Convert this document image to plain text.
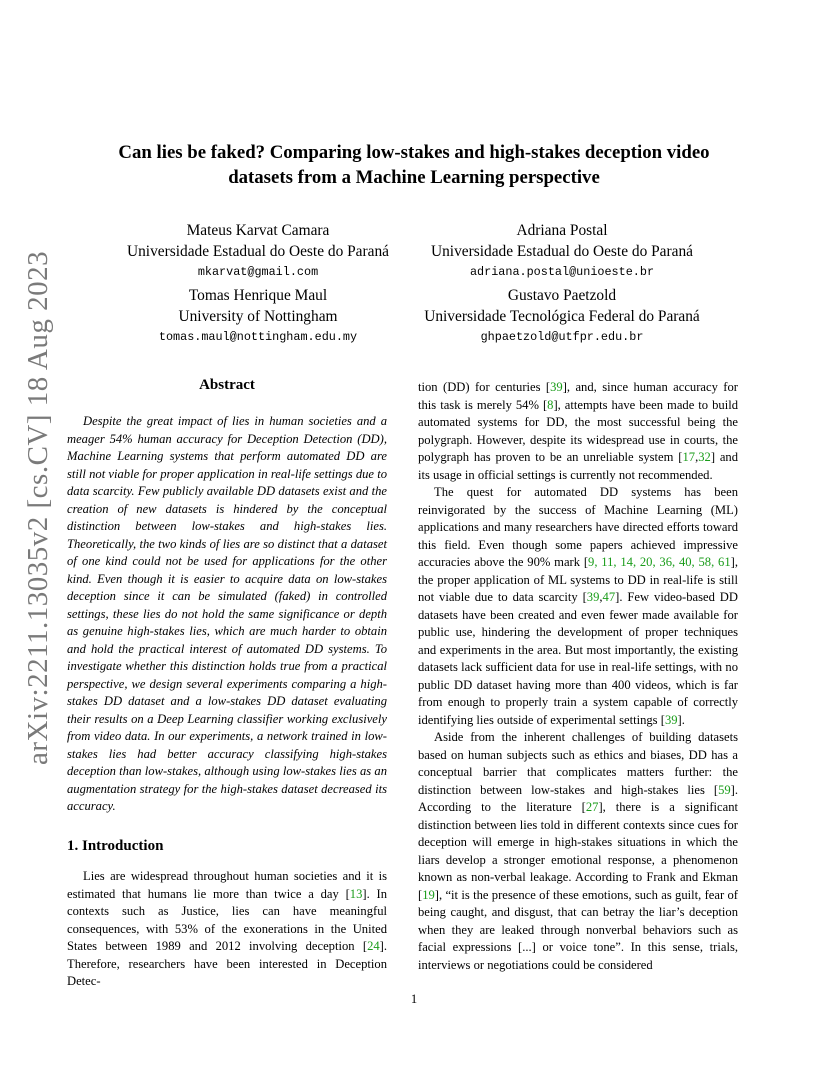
arXiv:2211.13035v2 [cs.CV] 18 Aug 2023
Can lies be faked? Comparing low-stakes and high-stakes deception video
datasets from a Machine Learning perspective
Mateus Karvat Camara
Universidade Estadual do Oeste do Paraná
mkarvat@gmail.com
Tomas Henrique Maul
University of Nottingham
tomas.maul@nottingham.edu.my
Adriana Postal
Universidade Estadual do Oeste do Paraná
adriana.postal@unioeste.br
Gustavo Paetzold
Universidade Tecnológica Federal do Paraná
ghpaetzold@utfpr.edu.br
Abstract

Despite the great impact of lies in human societies and a meager 54% human accuracy for Deception Detection (DD), Machine Learning systems that perform automated DD are still not viable for proper application in real-life settings due to data scarcity. Few publicly available DD datasets exist and the creation of new datasets is hindered by the conceptual distinction between low-stakes and high-stakes lies. Theoretically, the two kinds of lies are so distinct that a dataset of one kind could not be used for applications for the other kind. Even though it is easier to acquire data on low-stakes deception since it can be simulated (faked) in controlled settings, these lies do not hold the same significance or depth as genuine high-stakes lies, which are much harder to obtain and hold the practical interest of automated DD systems. To investigate whether this distinction holds true from a practical perspective, we design several experiments comparing a high-stakes DD dataset and a low-stakes DD dataset evaluating their results on a Deep Learning classifier working exclusively from video data. In our experiments, a network trained in low-stakes lies had better accuracy classifying high-stakes deception than low-stakes, although using low-stakes lies as an augmentation strategy for the high-stakes dataset decreased its accuracy.

1. Introduction

Lies are widespread throughout human societies and it is estimated that humans lie more than twice a day [13]. In contexts such as Justice, lies can have meaningful consequences, with 53% of the exonerations in the United States between 1989 and 2012 involving deception [24]. Therefore, researchers have been interested in Deception Detec-

tion (DD) for centuries [39], and, since human accuracy for this task is merely 54% [8], attempts have been made to build automated systems for DD, the most successful being the polygraph. However, despite its widespread use in courts, the polygraph has proven to be an unreliable system [17,32] and its usage in official settings is currently not recommended.

The quest for automated DD systems has been reinvigorated by the success of Machine Learning (ML) applications and many researchers have directed efforts toward this field. Even though some papers achieved impressive accuracies above the 90% mark [9, 11, 14, 20, 36, 40, 58, 61], the proper application of ML systems to DD in real-life is still not viable due to data scarcity [39,47]. Few video-based DD datasets have been created and even fewer made available for public use, hindering the development of proper techniques and experiments in the area. But most importantly, the existing datasets lack sufficient data for use in real-life settings, with no public DD dataset having more than 400 videos, which is far from enough to properly train a system capable of correctly identifying lies outside of experimental settings [39].

Aside from the inherent challenges of building datasets based on human subjects such as ethics and biases, DD has a conceptual barrier that complicates matters further: the distinction between low-stakes and high-stakes lies [59]. According to the literature [27], there is a significant distinction between lies told in different contexts since cues for deception will emerge in high-stakes situations in which the liars develop a stronger emotional response, a phenomenon known as non-verbal leakage. According to Frank and Ekman [19], “it is the presence of these emotions, such as guilt, fear of being caught, and disgust, that can betray the liar’s deception when they are leaked through nonverbal behaviors such as facial expressions [...] or voice tone”. In this sense, trials, interviews or negotiations could be considered

1
